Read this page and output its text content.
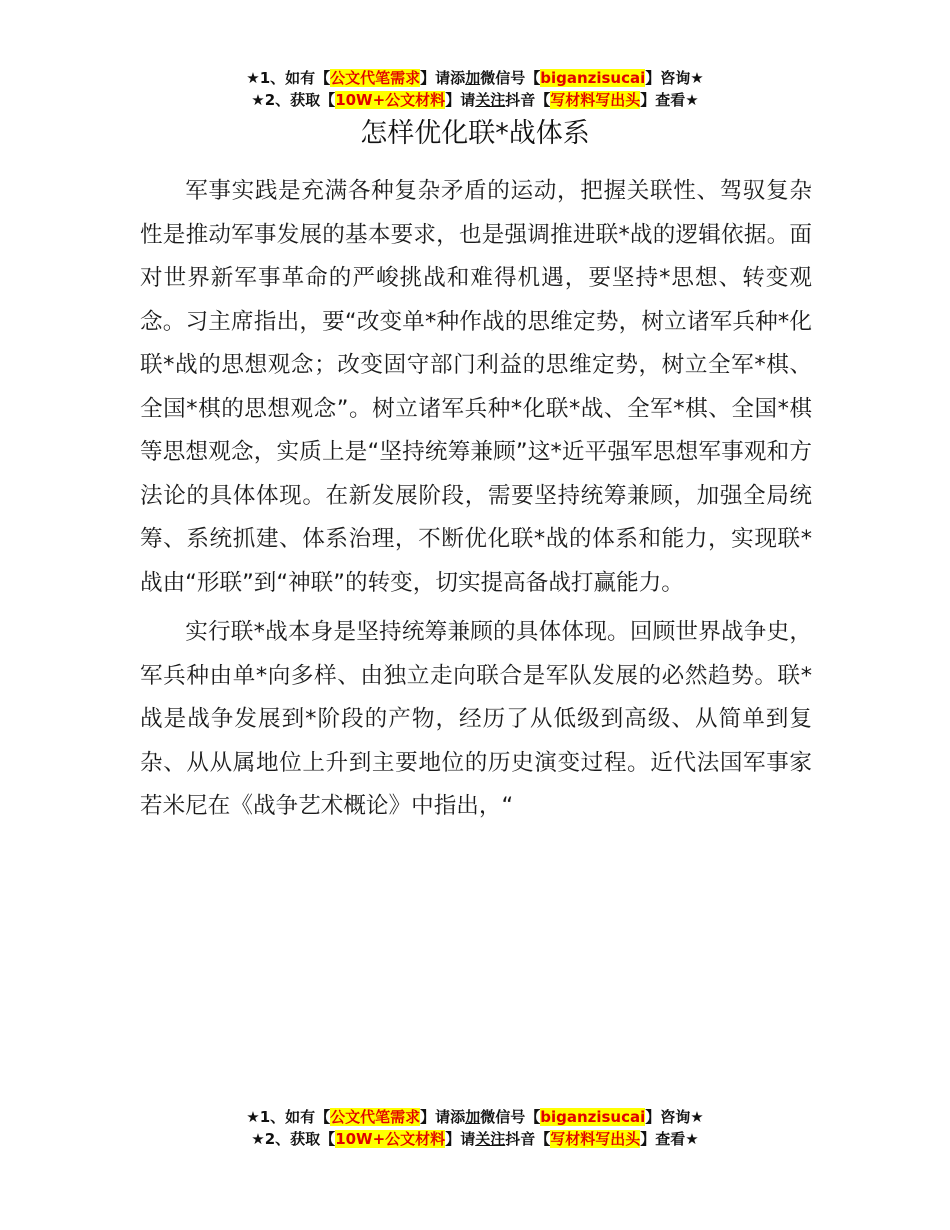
★1、如有【公文代笔需求】请添加微信号【biganzisucai】咨询★
★2、获取【10W+公文材料】请关注抖音【写材料写出头】查看★
怎样优化联*战体系

军事实践是充满各种复杂矛盾的运动，把握关联性、驾驭复杂性是推动军事发展的基本要求，也是强调推进联*战的逻辑依据。面对世界新军事革命的严峻挑战和难得机遇，要坚持*思想、转变观念。习主席指出，要“改变单*种作战的思维定势，树立诸军兵种*化联*战的思想观念；改变固守部门利益的思维定势，树立全军*棋、全国*棋的思想观念”。树立诸军兵种*化联*战、全军*棋、全国*棋等思想观念，实质上是“坚持统筹兼顾”这*近平强军思想军事观和方法论的具体体现。在新发展阶段，需要坚持统筹兼顾，加强全局统筹、系统抓建、体系治理，不断优化联*战的体系和能力，实现联*战由“形联”到“神联”的转变，切实提高备战打赢能力。

实行联*战本身是坚持统筹兼顾的具体体现。回顾世界战争史，军兵种由单*向多样、由独立走向联合是军队发展的必然趋势。联*战是战争发展到*阶段的产物，经历了从低级到高级、从简单到复杂、从从属地位上升到主要地位的历史演变过程。近代法国军事家若米尼在《战争艺术概论》中指出，“

★1、如有【公文代笔需求】请添加微信号【biganzisucai】咨询★
★2、获取【10W+公文材料】请关注抖音【写材料写出头】查看★
